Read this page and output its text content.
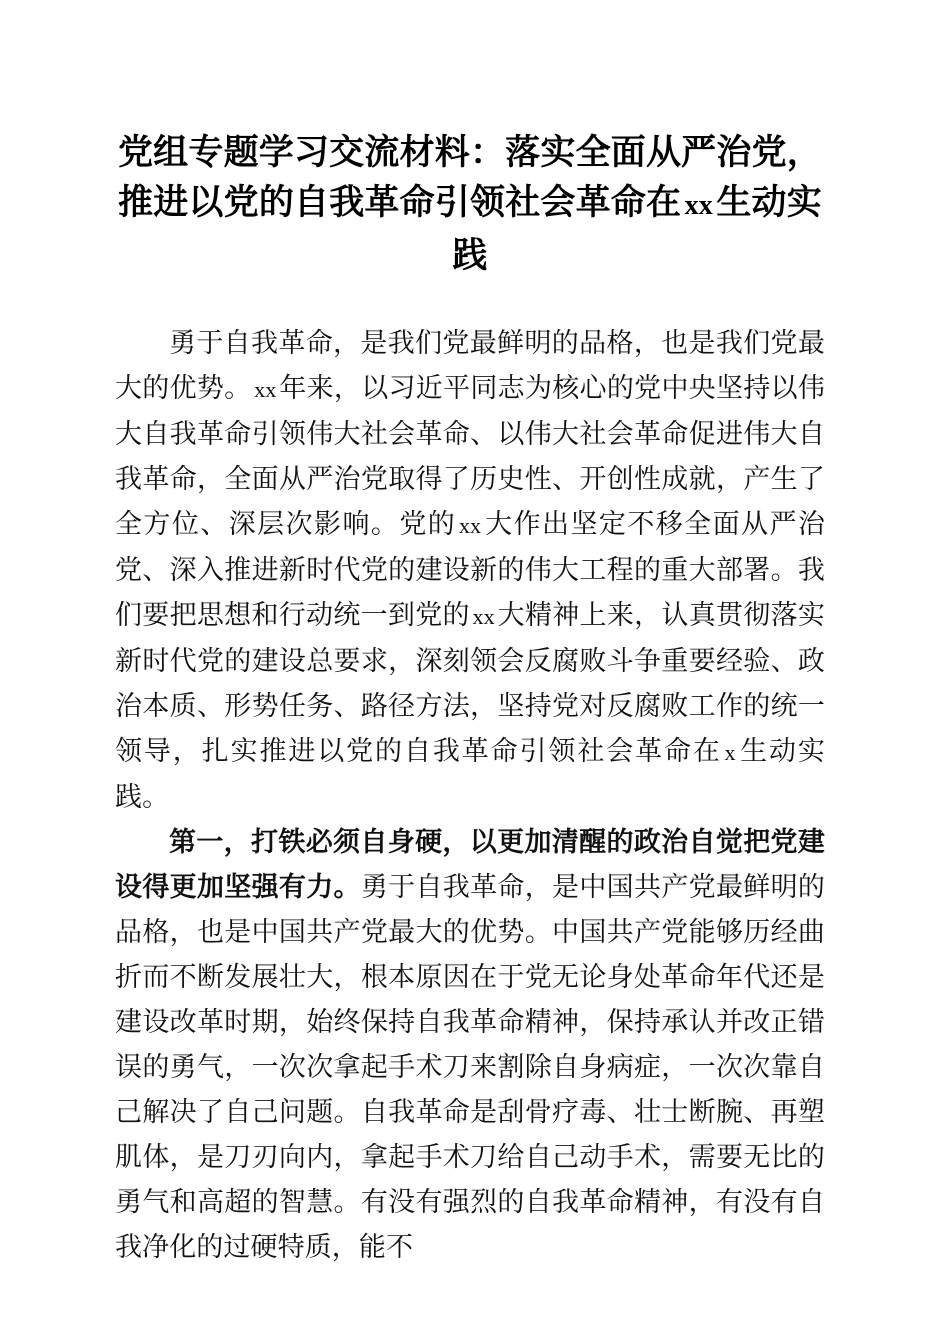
党组专题学习交流材料：落实全面从严治党，推进以党的自我革命引领社会革命在 xx生动实践

勇于自我革命，是我们党最鲜明的品格，也是我们党最大的优势。 xx年来，以习近平同志为核心的党中央坚持以伟大自我革命引领伟大社会革命、以伟大社会革命促进伟大自我革命，全面从严治党取得了历史性、开创性成就，产生了全方位、深层次影响。党的 xx大作出坚定不移全面从严治党、深入推进新时代党的建设新的伟大工程的重大部署。我们要把思想和行动统一到党的 xx大精神上来，认真贯彻落实新时代党的建设总要求，深刻领会反腐败斗争重要经验、政治本质、形势任务、路径方法，坚持党对反腐败工作的统一领导，扎实推进以党的自我革命引领社会革命在 x生动实践。

第一，打铁必须自身硬，以更加清醒的政治自觉把党建设得更加坚强有力。勇于自我革命，是中国共产党最鲜明的品格，也是中国共产党最大的优势。中国共产党能够历经曲折而不断发展壮大，根本原因在于党无论身处革命年代还是建设改革时期，始终保持自我革命精神，保持承认并改正错误的勇气，一次次拿起手术刀来割除自身病症，一次次靠自己解决了自己问题。自我革命是刮骨疗毒、壮士断腕、再塑肌体，是刀刃向内，拿起手术刀给自己动手术，需要无比的勇气和高超的智慧。有没有强烈的自我革命精神，有没有自我净化的过硬特质，能不
